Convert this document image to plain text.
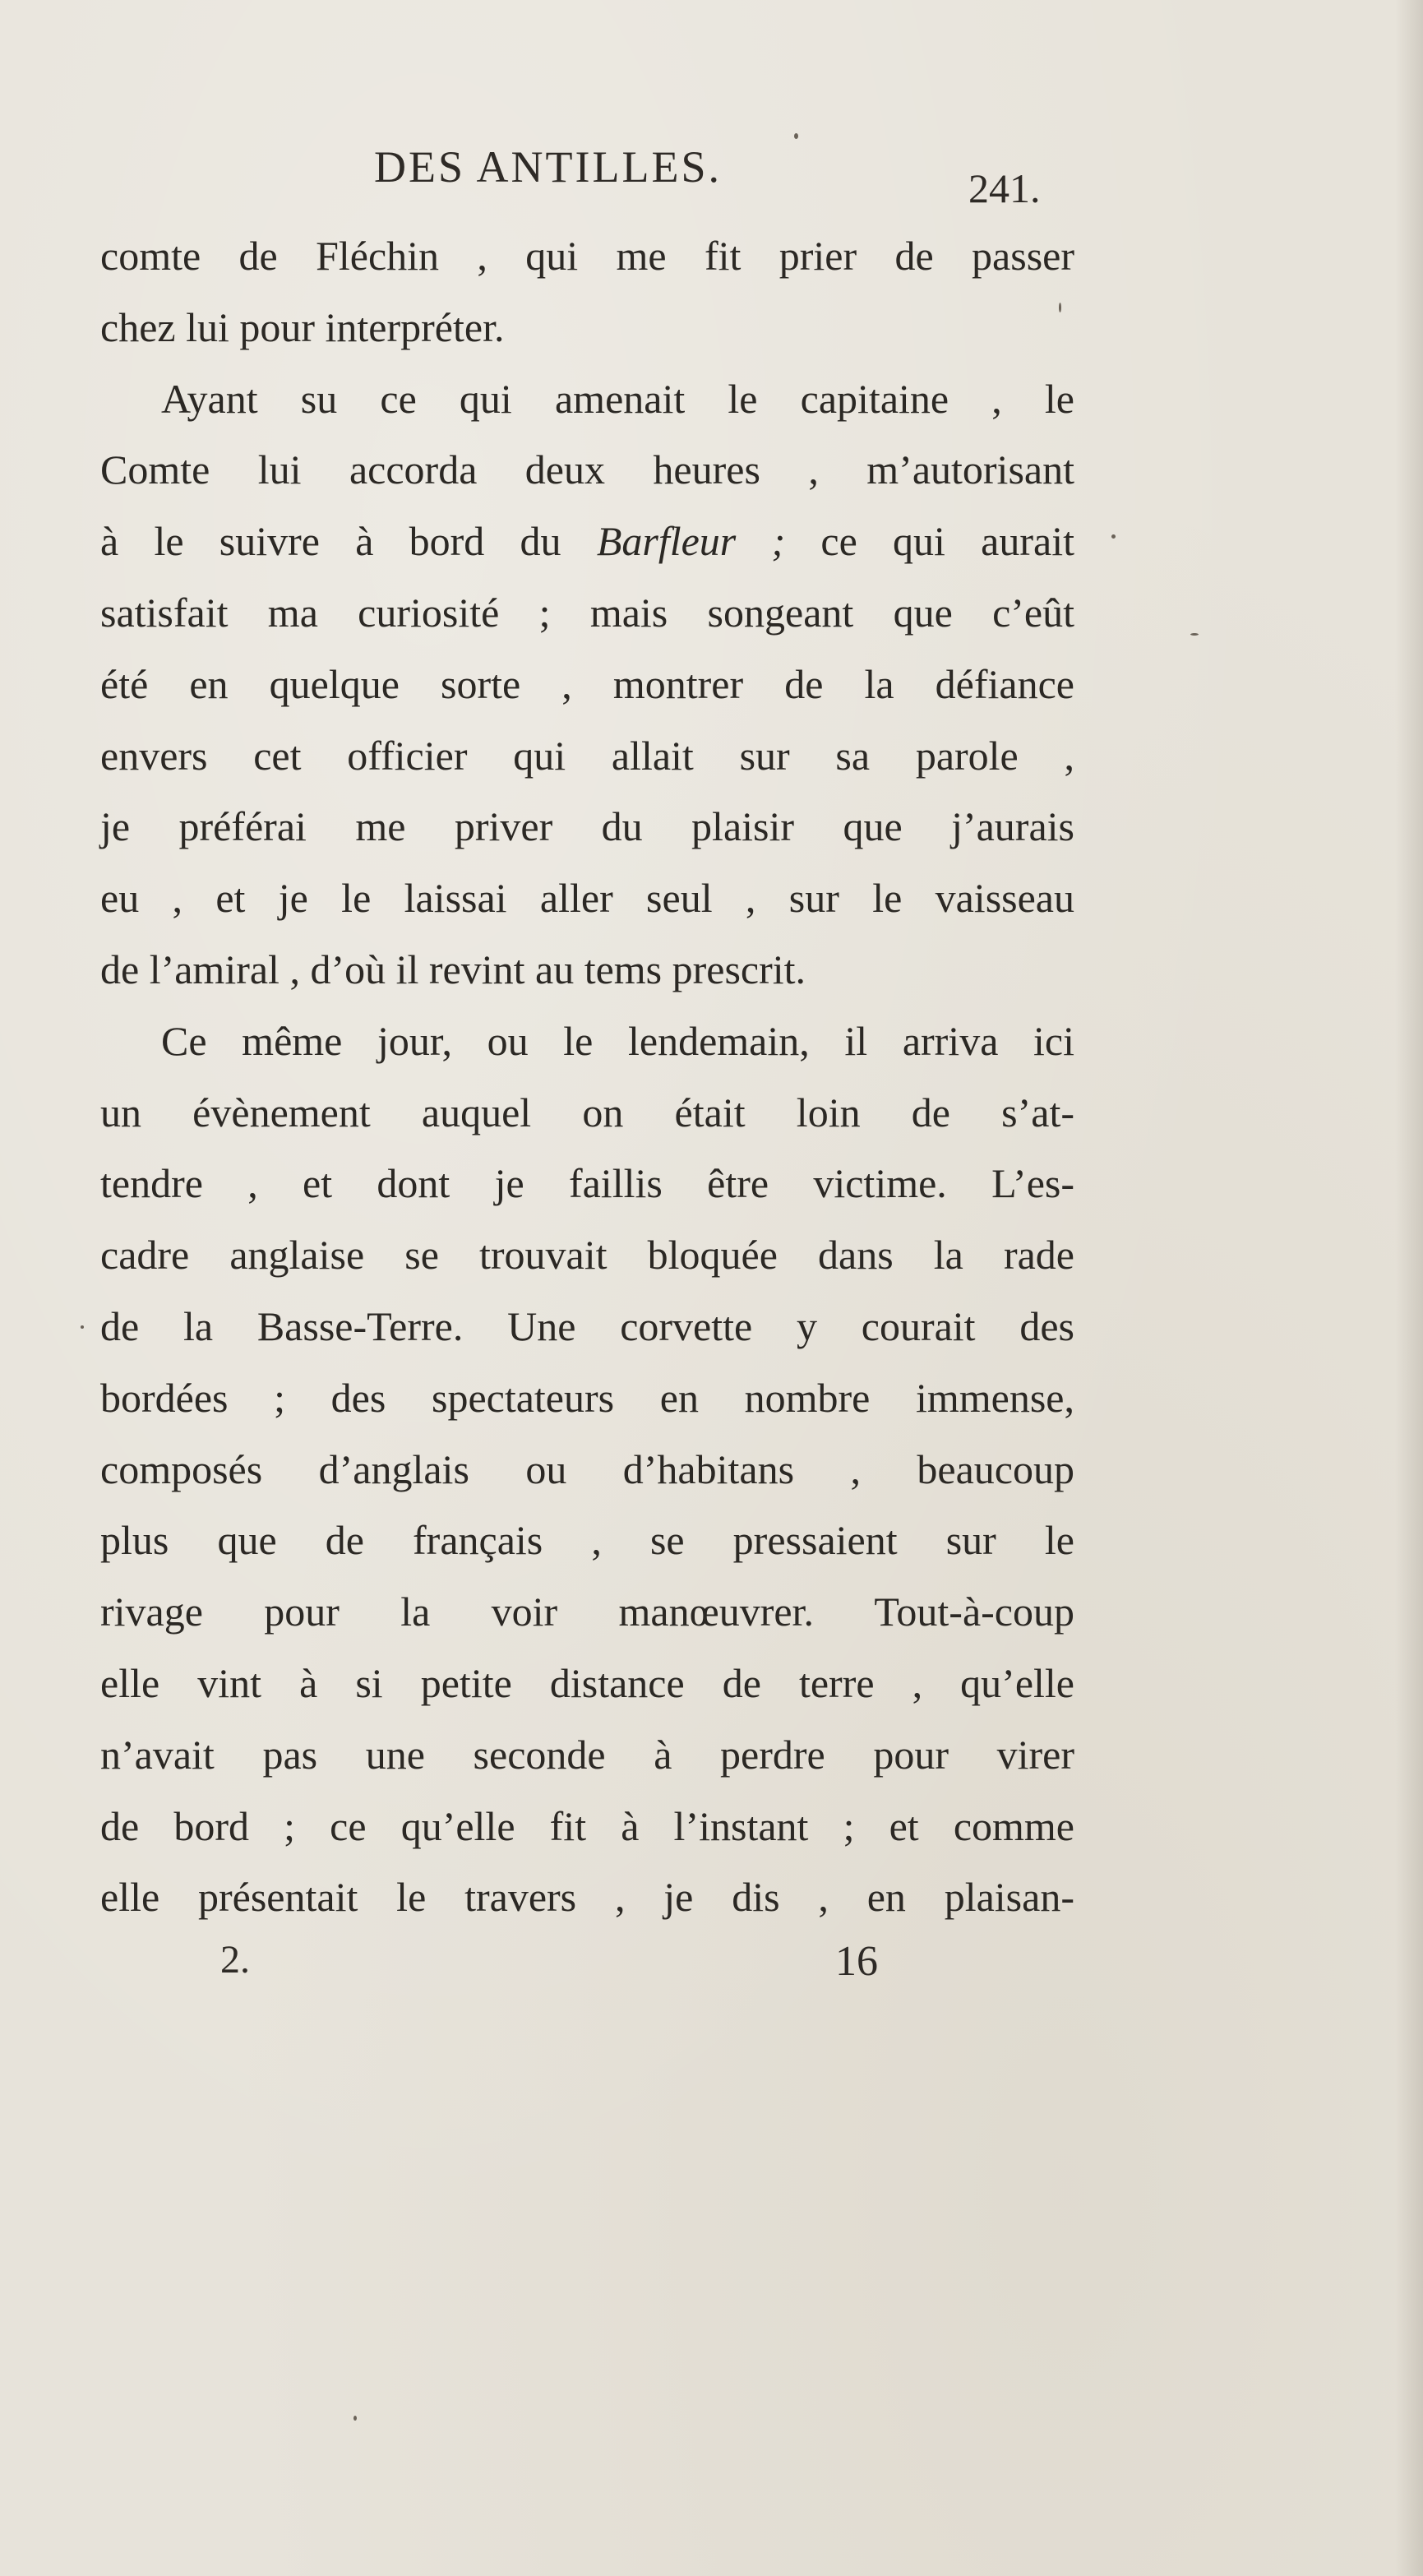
DES ANTILLES.	241.
comte de Fléchin , qui me fit prier de passer
chez lui pour interpréter.
Ayant su ce qui amenait le capitaine , le
Comte lui accorda deux heures , m’autorisant
à le suivre à bord du Barfleur ; ce qui aurait
satisfait ma curiosité ; mais songeant que c’eût
été en quelque sorte , montrer de la défiance
envers cet officier qui allait sur sa parole ,
je préférai me priver du plaisir que j’aurais
eu , et je le laissai aller seul , sur le vaisseau
de l’amiral , d’où il revint au tems prescrit.
Ce même jour, ou le lendemain, il arriva ici
un évènement auquel on était loin de s’at-
tendre , et dont je faillis être victime. L’es-
cadre anglaise se trouvait bloquée dans la rade
de la Basse-Terre. Une corvette y courait des
bordées ; des spectateurs en nombre immense,
composés d’anglais ou d’habitans , beaucoup
plus que de français , se pressaient sur le
rivage pour la voir manœuvrer. Tout-à-coup
elle vint à si petite distance de terre , qu’elle
n’avait pas une seconde à perdre pour virer
de bord ; ce qu’elle fit à l’instant ; et comme
elle présentait le travers , je dis , en plaisan-
2.	16
